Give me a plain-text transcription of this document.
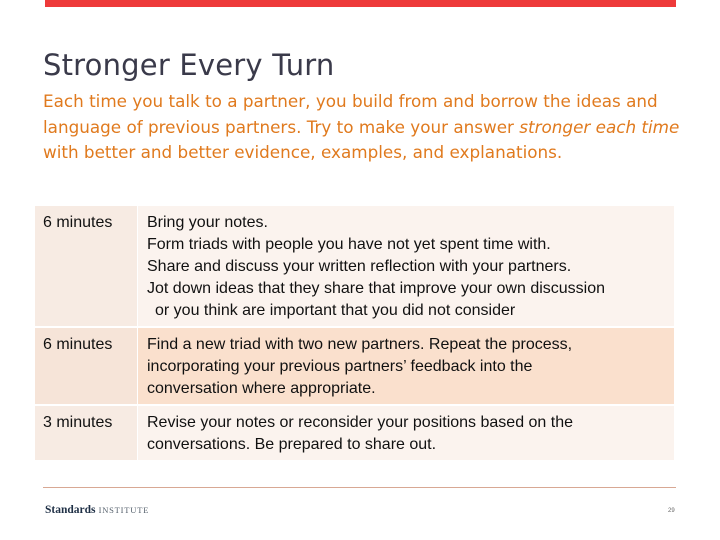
Stronger Every Turn
Each time you talk to a partner, you build from and borrow the ideas and language of previous partners. Try to make your answer stronger each time with better and better evidence, examples, and explanations.
6 minutes	Bring your notes.
Form triads with people you have not yet spent time with.
Share and discuss your written reflection with your partners.
Jot down ideas that they share that improve your own discussion
or you think are important that you did not consider
6 minutes	Find a new triad with two new partners. Repeat the process,
incorporating your previous partners’ feedback into the
conversation where appropriate.
3 minutes	Revise your notes or reconsider your positions based on the
conversations. Be prepared to share out.
Standards INSTITUTE	29
